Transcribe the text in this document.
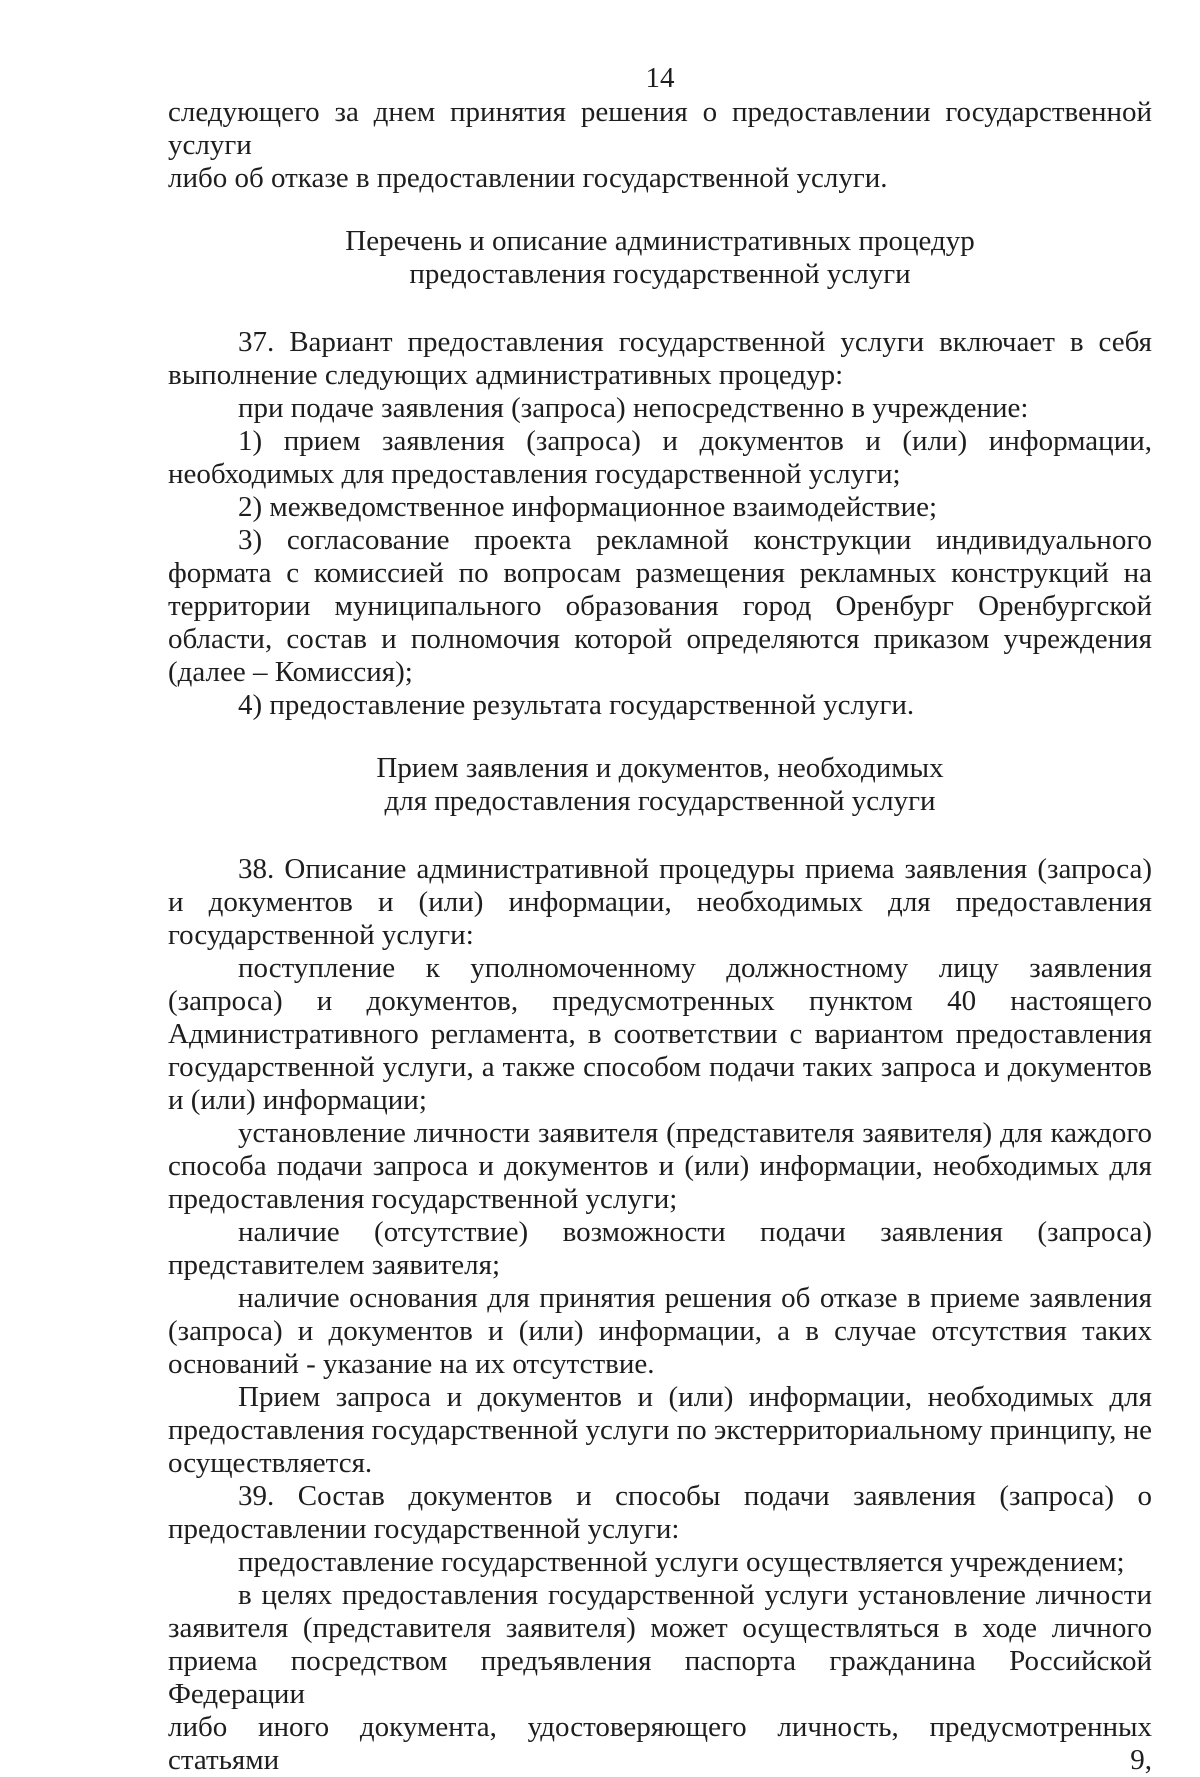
14

следующего за днем принятия решения о предоставлении государственной услуги

либо об отказе в предоставлении государственной услуги.

Перечень и описание административных процедур

предоставления государственной услуги

37. Вариант предоставления государственной услуги включает в себя выполнение следующих административных процедур:

при подаче заявления (запроса) непосредственно в учреждение:

1) прием заявления (запроса) и документов и (или) информации, необходимых для предоставления государственной услуги;

2) межведомственное информационное взаимодействие;

3) согласование проекта рекламной конструкции индивидуального формата с комиссией по вопросам размещения рекламных конструкций на территории муниципального образования город Оренбург Оренбургской области, состав и полномочия которой определяются приказом учреждения (далее – Комиссия);

4) предоставление результата государственной услуги.

Прием заявления и документов, необходимых

для предоставления государственной услуги

38. Описание административной процедуры приема заявления (запроса) и документов и (или) информации, необходимых для предоставления государственной услуги:

поступление к уполномоченному должностному лицу заявления (запроса) и документов, предусмотренных пунктом 40 настоящего Административного регламента, в соответствии с вариантом предоставления государственной услуги, а также способом подачи таких запроса и документов и (или) информации;

установление личности заявителя (представителя заявителя) для каждого способа подачи запроса и документов и (или) информации, необходимых для предоставления государственной услуги;

наличие (отсутствие) возможности подачи заявления (запроса) представителем заявителя;

наличие основания для принятия решения об отказе в приеме заявления (запроса) и документов и (или) информации, а в случае отсутствия таких оснований - указание на их отсутствие.

Прием запроса и документов и (или) информации, необходимых для предоставления государственной услуги по экстерриториальному принципу, не осуществляется.

39. Состав документов и способы подачи заявления (запроса) о предоставлении государственной услуги:

предоставление государственной услуги осуществляется учреждением;

в целях предоставления государственной услуги установление личности

заявителя (представителя заявителя) может осуществляться в ходе личного

приема посредством предъявления паспорта гражданина Российской Федерации

либо иного документа, удостоверяющего личность, предусмотренных статьями 9,
